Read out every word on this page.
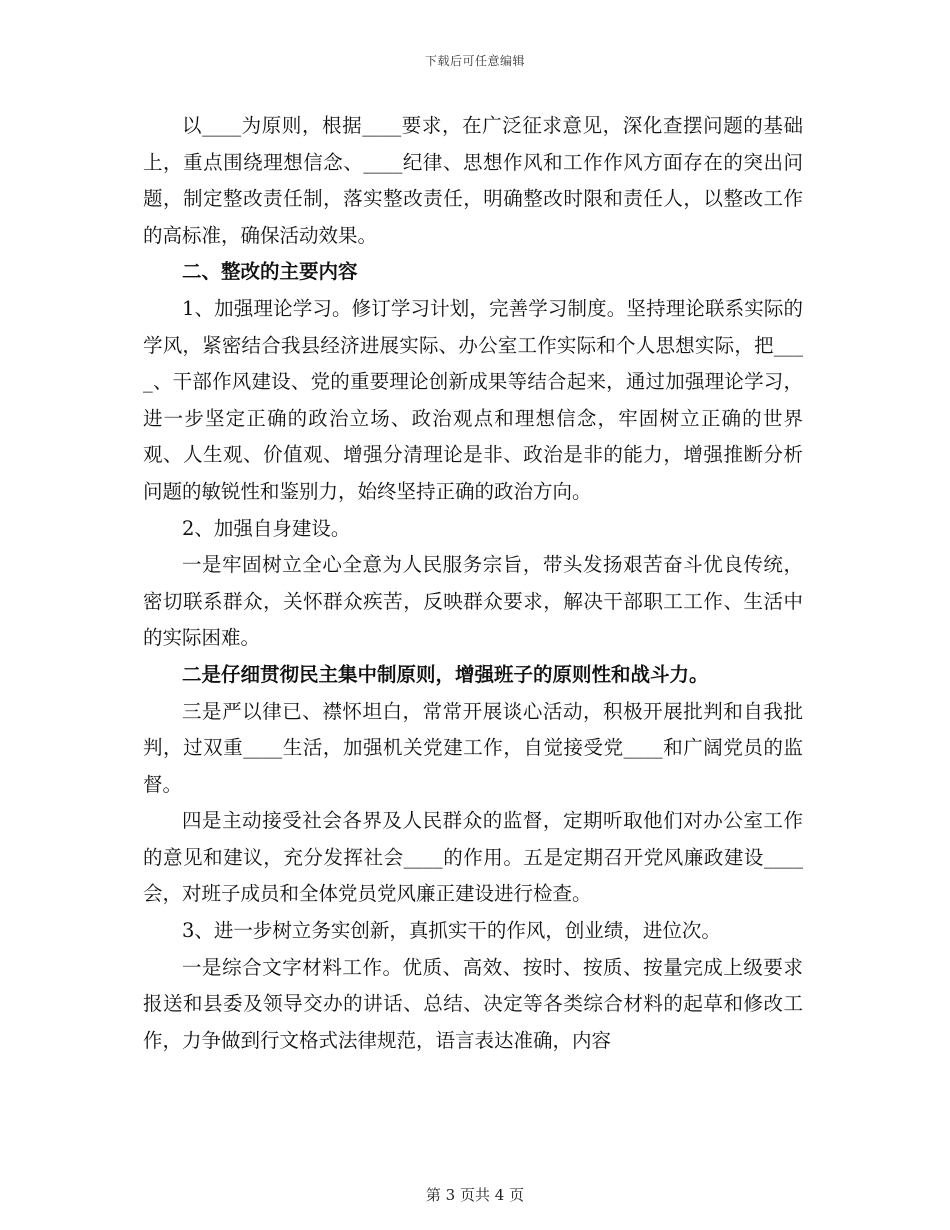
下载后可任意编辑

以____为原则，根据____要求，在广泛征求意见，深化查摆问题的基础上，重点围绕理想信念、____纪律、思想作风和工作作风方面存在的突出问题，制定整改责任制，落实整改责任，明确整改时限和责任人，以整改工作的高标准，确保活动效果。

二、整改的主要内容

1、加强理论学习。修订学习计划，完善学习制度。坚持理论联系实际的学风，紧密结合我县经济进展实际、办公室工作实际和个人思想实际，把____、干部作风建设、党的重要理论创新成果等结合起来，通过加强理论学习，进一步坚定正确的政治立场、政治观点和理想信念，牢固树立正确的世界观、人生观、价值观、增强分清理论是非、政治是非的能力，增强推断分析问题的敏锐性和鉴别力，始终坚持正确的政治方向。

2、加强自身建设。

一是牢固树立全心全意为人民服务宗旨，带头发扬艰苦奋斗优良传统，密切联系群众，关怀群众疾苦，反映群众要求，解决干部职工工作、生活中的实际困难。

二是仔细贯彻民主集中制原则，增强班子的原则性和战斗力。

三是严以律已、襟怀坦白，常常开展谈心活动，积极开展批判和自我批判，过双重____生活，加强机关党建工作，自觉接受党____和广阔党员的监督。

四是主动接受社会各界及人民群众的监督，定期听取他们对办公室工作的意见和建议，充分发挥社会____的作用。五是定期召开党风廉政建设____会，对班子成员和全体党员党风廉正建设进行检查。

3、进一步树立务实创新，真抓实干的作风，创业绩，进位次。

一是综合文字材料工作。优质、高效、按时、按质、按量完成上级要求报送和县委及领导交办的讲话、总结、决定等各类综合材料的起草和修改工作，力争做到行文格式法律规范，语言表达准确，内容

第 3 页共 4 页
